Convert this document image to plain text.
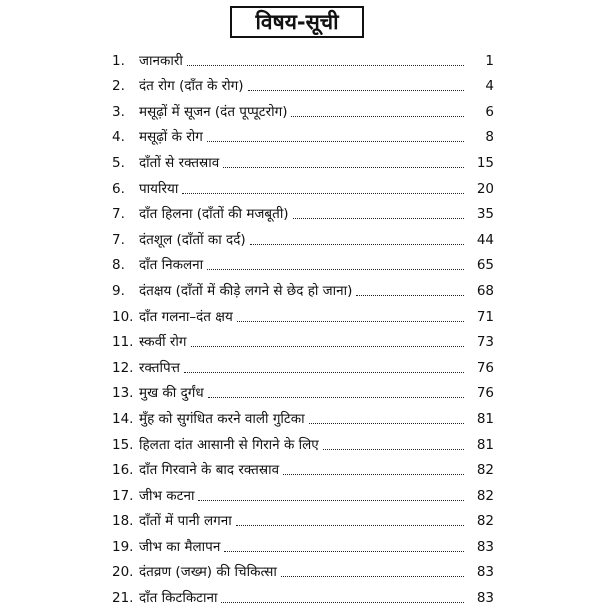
विषय-सूची
1.	जानकारी	1
2.	दंत रोग (दाँत के रोग)	4
3.	मसूढ़ों में सूजन (दंत पूप्पूटरोग)	6
4.	मसूढ़ों के रोग	8
5.	दाँतों से रक्तस्राव	15
6.	पायरिया	20
7.	दाँत हिलना (दाँतों की मजबूती)	35
7.	दंतशूल (दाँतों का दर्द)	44
8.	दाँत निकलना	65
9.	दंतक्षय (दाँतों में कीड़े लगने से छेद हो जाना)	68
10. दाँत गलना–दंत क्षय	71
11. स्कर्वी रोग	73
12. रक्तपित्त	76
13. मुख की दुर्गंध	76
14. मुँह को सुगंधित करने वाली गुटिका	81
15. हिलता दांत आसानी से गिराने के लिए	81
16. दाँत गिरवाने के बाद रक्तस्राव	82
17. जीभ कटना	82
18. दाँतों में पानी लगना	82
19. जीभ का मैलापन	83
20. दंतव्रण (जख्म) की चिकित्सा	83
21. दाँत किटकिटाना	83
